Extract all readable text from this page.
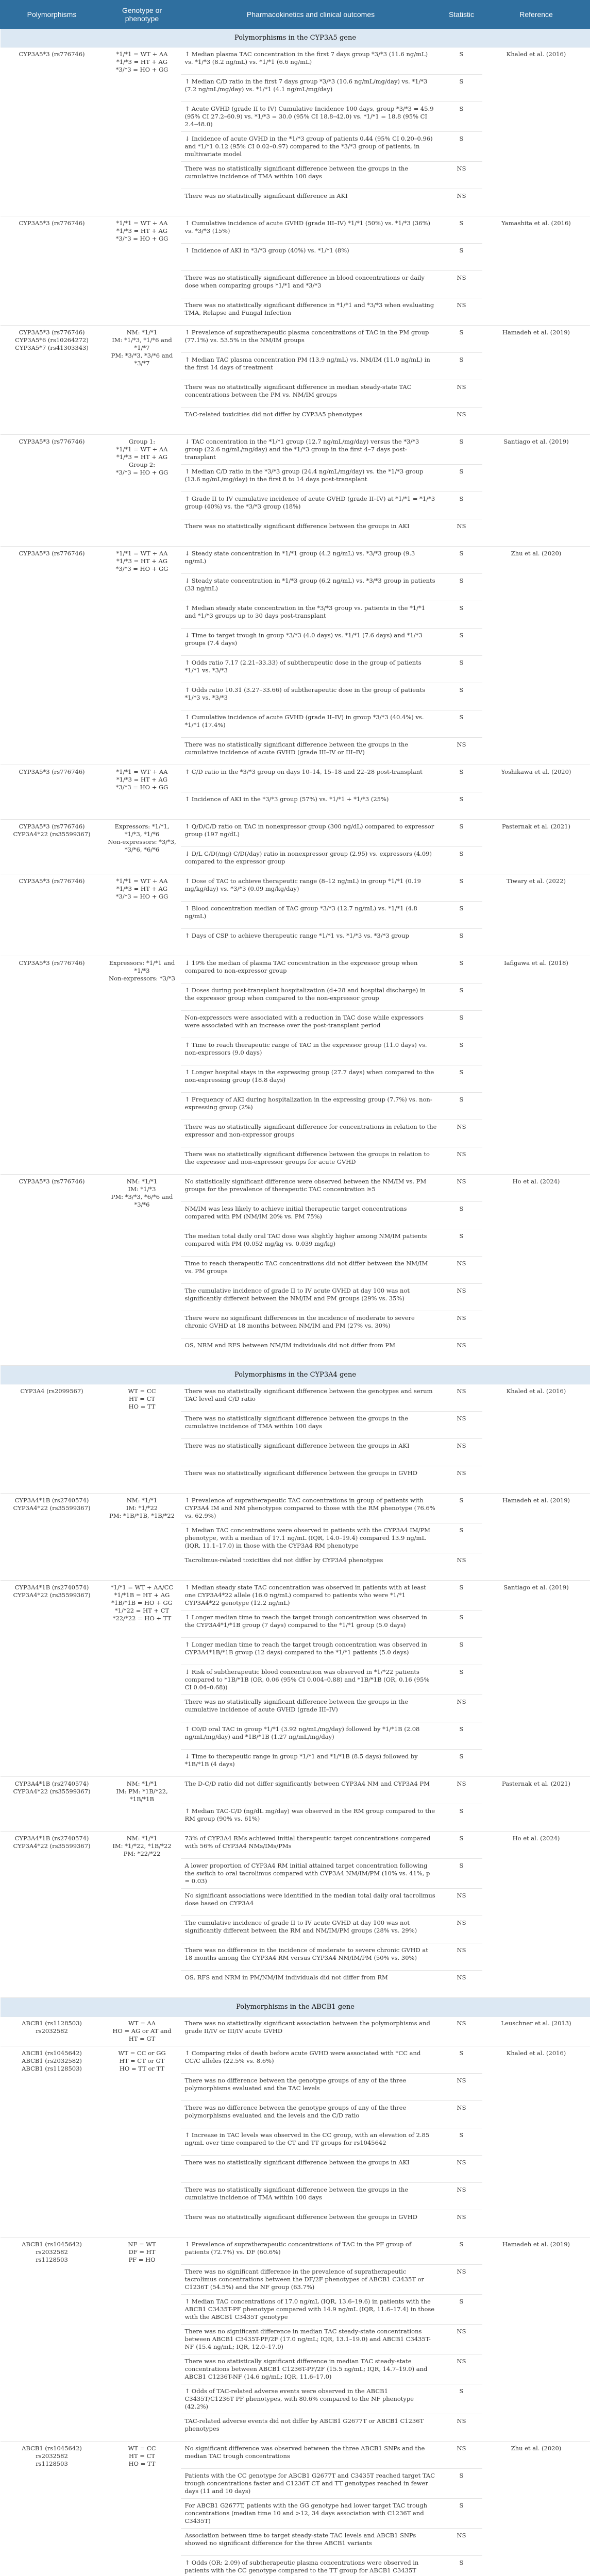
Polymorphisms	Genotype or phenotype	Pharmacokinetics and clinical outcomes	Statistic	Reference
Polymorphisms in the CYP3A5 gene				
CYP3A5*3 (rs776746)	*1/*1 = WT + AA
*1/*3 = HT + AG
*3/*3 = HO + GG	↑ Median plasma TAC concentration in the first 7 days group *3/*3 (11.6 ng/mL) vs. *1/*3 (8.2 ng/mL) vs. *1/*1 (6.6 ng/mL)	S	Khaled et al. (2016)
		↑ Median C/D ratio in the first 7 days group *3/*3 (10.6 ng/mL/mg/day) vs. *1/*3 (7.2 ng/mL/mg/day) vs. *1/*1 (4.1 ng/mL/mg/day)	S	
		↑ Acute GVHD (grade II to IV) Cumulative Incidence 100 days, group *3/*3 = 45.9 (95% CI 27.2–60.9) vs. *1/*3 = 30.0 (95% CI 18.8–42.0) vs. *1/*1 = 18.8 (95% CI 2.4–48.0)	S	
		↓ Incidence of acute GVHD in the *1/*3 group of patients 0.44 (95% CI 0.20–0.96) and *1/*1 0.12 (95% CI 0.02–0.97) compared to the *3/*3 group of patients, in multivariate model	S	
		There was no statistically significant difference between the groups in the cumulative incidence of TMA within 100 days	NS	
		There was no statistically significant difference in AKI	NS	
CYP3A5*3 (rs776746)	*1/*1 = WT + AA
*1/*3 = HT + AG
*3/*3 = HO + GG	↑ Cumulative incidence of acute GVHD (grade III–IV) *1/*1 (50%) vs. *1/*3 (36%) vs. *3/*3 (15%)	S	Yamashita et al. (2016)
		↑ Incidence of AKI in *3/*3 group (40%) vs. *1/*1 (8%)	S	
		There was no statistically significant difference in blood concentrations or daily dose when comparing groups *1/*1 and *3/*3	NS	
		There was no statistically significant difference in *1/*1 and *3/*3 when evaluating TMA, Relapse and Fungal Infection	NS	
CYP3A5*3 (rs776746)
CYP3A5*6 (rs10264272)
CYP3A5*7 (rs41303343)	NM: *1/*1
IM: *1/*3, *1/*6 and *1/*7
PM: *3/*3, *3/*6 and *3/*7	↑ Prevalence of supratherapeutic plasma concentrations of TAC in the PM group (77.1%) vs. 53.5% in the NM/IM groups	S	Hamadeh et al. (2019)
		↑ Median TAC plasma concentration PM (13.9 ng/mL) vs. NM/IM (11.0 ng/mL) in the first 14 days of treatment	S	
		There was no statistically significant difference in median steady-state TAC concentrations between the PM vs. NM/IM groups	NS	
		TAC-related toxicities did not differ by CYP3A5 phenotypes	NS	
CYP3A5*3 (rs776746)	Group 1:
*1/*1 = WT + AA
*1/*3 = HT + AG
Group 2:
*3/*3 = HO + GG	↓ TAC concentration in the *1/*1 group (12.7 ng/mL/mg/day) versus the *3/*3 group (22.6 ng/mL/mg/day) and the *1/*3 group in the first 4–7 days post-transplant	S	Santiago et al. (2019)
		↑ Median C/D ratio in the *3/*3 group (24.4 ng/mL/mg/day) vs. the *1/*3 group (13.6 ng/mL/mg/day) in the first 8 to 14 days post-transplant	S	
		↑ Grade II to IV cumulative incidence of acute GVHD (grade II–IV) at *1/*1 = *1/*3 group (40%) vs. the *3/*3 group (18%)	S	
		There was no statistically significant difference between the groups in AKI	NS	
CYP3A5*3 (rs776746)	*1/*1 = WT + AA
*1/*3 = HT + AG
*3/*3 = HO + GG	↓ Steady state concentration in *1/*1 group (4.2 ng/mL) vs. *3/*3 group (9.3 ng/mL)	S	Zhu et al. (2020)
		↓ Steady state concentration in *1/*3 group (6.2 ng/mL) vs. *3/*3 group in patients (33 ng/mL)	S	
		↑ Median steady state concentration in the *3/*3 group vs. patients in the *1/*1 and *1/*3 groups up to 30 days post-transplant	S	
		↓ Time to target trough in group *3/*3 (4.0 days) vs. *1/*1 (7.6 days) and *1/*3 groups (7.4 days)	S	
		↑ Odds ratio 7.17 (2.21–33.33) of subtherapeutic dose in the group of patients *1/*1 vs. *3/*3	S	
		↑ Odds ratio 10.31 (3.27–33.66) of subtherapeutic dose in the group of patients *1/*3 vs. *3/*3	S	
		↑ Cumulative incidence of acute GVHD (grade II–IV) in group *3/*3 (40.4%) vs. *1/*1 (17.4%)	S	
		There was no statistically significant difference between the groups in the cumulative incidence of acute GVHD (grade III–IV or III–IV)	NS	
CYP3A5*3 (rs776746)	*1/*1 = WT + AA
*1/*3 = HT + AG
*3/*3 = HO + GG	↑ C/D ratio in the *3/*3 group on days 10–14, 15–18 and 22–28 post-transplant	S	Yoshikawa et al. (2020)
		↑ Incidence of AKI in the *3/*3 group (57%) vs. *1/*1 + *1/*3 (25%)	S	
CYP3A5*3 (rs776746)
CYP3A4*22 (rs35599367)	Expressors: *1/*1, *1/*3, *1/*6
Non-expressors: *3/*3, *3/*6, *6/*6	↑ Q/D/C/D ratio on TAC in nonexpressor group (300 ng/dL) compared to expressor group (197 ng/dL)	S	Pasternak et al. (2021)
		↓ D/L C/D(/mg) C/D(/day) ratio in nonexpressor group (2.95) vs. expressors (4.09) compared to the expressor group	S	
CYP3A5*3 (rs776746)	*1/*1 = WT + AA
*1/*3 = HT + AG
*3/*3 = HO + GG	↑ Dose of TAC to achieve therapeutic range (8–12 ng/mL) in group *1/*1 (0.19 mg/kg/day) vs. *3/*3 (0.09 mg/kg/day)	S	Tiwary et al. (2022)
		↑ Blood concentration median of TAC group *3/*3 (12.7 ng/mL) vs. *1/*1 (4.8 ng/mL)	S	
		↑ Days of CSP to achieve therapeutic range *1/*1 vs. *1/*3 vs. *3/*3 group	S	
CYP3A5*3 (rs776746)	Expressors: *1/*1 and *1/*3
Non-expressors: *3/*3	↓ 19% the median of plasma TAC concentration in the expressor group when compared to non-expressor group	S	Iafigawa et al. (2018)
		↑ Doses during post-transplant hospitalization (d+28 and hospital discharge) in the expressor group when compared to the non-expressor group	S	
		Non-expressors were associated with a reduction in TAC dose while expressors were associated with an increase over the post-transplant period	S	
		↑ Time to reach therapeutic range of TAC in the expressor group (11.0 days) vs. non-expressors (9.0 days)	S	
		↑ Longer hospital stays in the expressing group (27.7 days) when compared to the non-expressing group (18.8 days)	S	
		↑ Frequency of AKI during hospitalization in the expressing group (7.7%) vs. non-expressing group (2%)	S	
		There was no statistically significant difference for concentrations in relation to the expressor and non-expressor groups	NS	
		There was no statistically significant difference between the groups in relation to the expressor and non-expressor groups for acute GVHD	NS	
CYP3A5*3 (rs776746)	NM: *1/*1
IM: *1/*3
PM: *3/*3, *6/*6 and *3/*6	No statistically significant difference were observed between the NM/IM vs. PM groups for the prevalence of therapeutic TAC concentration ≥5	NS	Ho et al. (2024)
		NM/IM was less likely to achieve initial therapeutic target concentrations compared with PM (NM/IM 20% vs. PM 75%)	S	
		The median total daily oral TAC dose was slightly higher among NM/IM patients compared with PM (0.052 mg/kg vs. 0.039 mg/kg)	S	
		Time to reach therapeutic TAC concentrations did not differ between the NM/IM vs. PM groups	NS	
		The cumulative incidence of grade II to IV acute GVHD at day 100 was not significantly different between the NM/IM and PM groups (29% vs. 35%)	NS	
		There were no significant differences in the incidence of moderate to severe chronic GVHD at 18 months between NM/IM and PM (27% vs. 30%)	NS	
		OS, NRM and RFS between NM/IM individuals did not differ from PM	NS	
Polymorphisms in the CYP3A4 gene				
CYP3A4 (rs2099567)	WT = CC
HT = CT
HO = TT	There was no statistically significant difference between the genotypes and serum TAC level and C/D ratio	NS	Khaled et al. (2016)
		There was no statistically significant difference between the groups in the cumulative incidence of TMA within 100 days	NS	
		There was no statistically significant difference between the groups in AKI	NS	
		There was no statistically significant difference between the groups in GVHD	NS	
CYP3A4*1B (rs2740574)
CYP3A4*22 (rs35599367)	NM: *1/*1
IM: *1/*22
PM: *1B/*1B, *1B/*22	↑ Prevalence of supratherapeutic TAC concentrations in group of patients with CYP3A4 IM and NM phenotypes compared to those with the RM phenotype (76.6% vs. 62.9%)	S	Hamadeh et al. (2019)
		↑ Median TAC concentrations were observed in patients with the CYP3A4 IM/PM phenotype, with a median of 17.1 ng/mL (IQR, 14.0–19.4) compared 13.9 ng/mL (IQR, 11.1–17.0) in those with the CYP3A4 RM phenotype	S	
		Tacrolimus-related toxicities did not differ by CYP3A4 phenotypes	NS	
CYP3A4*1B (rs2740574)
CYP3A4*22 (rs35599367)	*1/*1 = WT + AA/CC
*1/*1B = HT + AG
*1B/*1B = HO + GG
*1/*22 = HT + CT
*22/*22 = HO + TT	↑ Median steady state TAC concentration was observed in patients with at least one CYP3A4*22 allele (16.0 ng/mL) compared to patients who were *1/*1 CYP3A4*22 genotype (12.2 ng/mL)	S	Santiago et al. (2019)
		↑ Longer median time to reach the target trough concentration was observed in the CYP3A4*1/*1B group (7 days) compared to the *1/*1 group (5.0 days)	S	
		↑ Longer median time to reach the target trough concentration was observed in CYP3A4*1B/*1B group (12 days) compared to the *1/*1 patients (5.0 days)	S	
		↓ Risk of subtherapeutic blood concentration was observed in *1/*22 patients compared to *1B/*1B (OR, 0.06 (95% CI 0.004–0.88) and *1B/*1B (OR, 0.16 (95% CI 0.04–0.68))	S	
		There was no statistically significant difference between the groups in the cumulative incidence of acute GVHD (grade III–IV)	NS	
		↑ C0/D oral TAC in group *1/*1 (3.92 ng/mL/mg/day) followed by *1/*1B (2.08 ng/mL/mg/day) and *1B/*1B (1.27 ng/mL/mg/day)	S	
		↓ Time to therapeutic range in group *1/*1 and *1/*1B (8.5 days) followed by *1B/*1B (4 days)	S	
CYP3A4*1B (rs2740574)
CYP3A4*22 (rs35599367)	NM: *1/*1
IM: PM: *1B/*22, *1B/*1B	The D-C/D ratio did not differ significantly between CYP3A4 NM and CYP3A4 PM	NS	Pasternak et al. (2021)
		↑ Median TAC-C/D (ng/dL mg/day) was observed in the RM group compared to the RM group (90% vs. 61%)	S	
CYP3A4*1B (rs2740574)
CYP3A4*22 (rs35599367)	NM: *1/*1
IM: *1/*22, *1B/*22
PM: *22/*22	73% of CYP3A4 RMs achieved initial therapeutic target concentrations compared with 56% of CYP3A4 NMs/IMs/PMs	S	Ho et al. (2024)
		A lower proportion of CYP3A4 RM initial attained target concentration following the switch to oral tacrolimus compared with CYP3A4 NM/IM/PM (10% vs. 41%, p = 0.03)	S	
		No significant associations were identified in the median total daily oral tacrolimus dose based on CYP3A4	NS	
		The cumulative incidence of grade II to IV acute GVHD at day 100 was not significantly different between the RM and NM/IM/PM groups (28% vs. 29%)	NS	
		There was no difference in the incidence of moderate to severe chronic GVHD at 18 months among the CYP3A4 RM versus CYP3A4 NM/IM/PM (50% vs. 30%)	NS	
		OS, RFS and NRM in PM/NM/IM individuals did not differ from RM	NS	
Polymorphisms in the ABCB1 gene				
ABCB1 (rs1128503)
rs2032582	WT = AA
HO = AG or AT and HT = GT	There was no statistically significant association between the polymorphisms and grade II/IV or III/IV acute GVHD	NS	Leuschner et al. (2013)
ABCB1 (rs1045642)
ABCB1 (rs2032582)
ABCB1 (rs1128503)	WT = CC or GG
HT = CT or GT
HO = TT or TT	↑ Comparing risks of death before acute GVHD were associated with *CC and CC/C alleles (22.5% vs. 8.6%)	S	Khaled et al. (2016)
		There was no difference between the genotype groups of any of the three polymorphisms evaluated and the TAC levels	NS	
		There was no difference between the genotype groups of any of the three polymorphisms evaluated and the levels and the C/D ratio	NS	
		↑ Increase in TAC levels was observed in the CC group, with an elevation of 2.85 ng/mL over time compared to the CT and TT groups for rs1045642	S	
		There was no statistically significant difference between the groups in AKI	NS	
		There was no statistically significant difference between the groups in the cumulative incidence of TMA within 100 days	NS	
		There was no statistically significant difference between the groups in GVHD	NS	
ABCB1 (rs1045642)
rs2032582
rs1128503	NF = WT
DF = HT
PF = HO	↑ Prevalence of supratherapeutic concentrations of TAC in the PF group of patients (72.7%) vs. DF (60.6%)	S	Hamadeh et al. (2019)
		There was no significant difference in the prevalence of supratherapeutic tacrolimus concentrations between the DF/2F phenotypes of ABCB1 C3435T or C1236T (54.5%) and the NF group (63.7%)	NS	
		↑ Median TAC concentrations of 17.0 ng/mL (IQR, 13.6–19.6) in patients with the ABCB1 C3435T-PF phenotype compared with 14.9 ng/mL (IQR, 11.6–17.4) in those with the ABCB1 C3435T genotype	S	
		There was no significant difference in median TAC steady-state concentrations between ABCB1 C3435T-PF/2F (17.0 ng/mL; IQR, 13.1–19.0) and ABCB1 C3435T-NF (15.4 ng/mL; IQR, 12.0–17.0)	NS	
		There was no statistically significant difference in median TAC steady-state concentrations between ABCB1 C1236T-PF/2F (15.5 ng/mL; IQR, 14.7–19.0) and ABCB1 C1236T-NF (14.6 ng/mL; IQR, 11.6–17.0)	NS	
		↑ Odds of TAC-related adverse events were observed in the ABCB1 C3435T/C1236T PF phenotypes, with 80.6% compared to the NF phenotype (42.2%)	S	
		TAC-related adverse events did not differ by ABCB1 G2677T or ABCB1 C1236T phenotypes	NS	
ABCB1 (rs1045642)
rs2032582
rs1128503	WT = CC
HT = CT
HO = TT	No significant difference was observed between the three ABCB1 SNPs and the median TAC trough concentrations	NS	Zhu et al. (2020)
		Patients with the CC genotype for ABCB1 G2677T and C3435T reached target TAC trough concentrations faster and C1236T CT and TT genotypes reached in fewer days (11 and 10 days)	S	
		For ABCB1 G2677T, patients with the GG genotype had lower target TAC trough concentrations (median time 10 and >12, 34 days association with C1236T and C3435T)	S	
		Association between time to target steady-state TAC levels and ABCB1 SNPs showed no significant difference for the three ABCB1 variants	NS	
		↑ Odds (OR: 2.09) of subtherapeutic plasma concentrations were observed in patients with the CC genotype compared to the TT group for ABCB1 C3435T	S	
